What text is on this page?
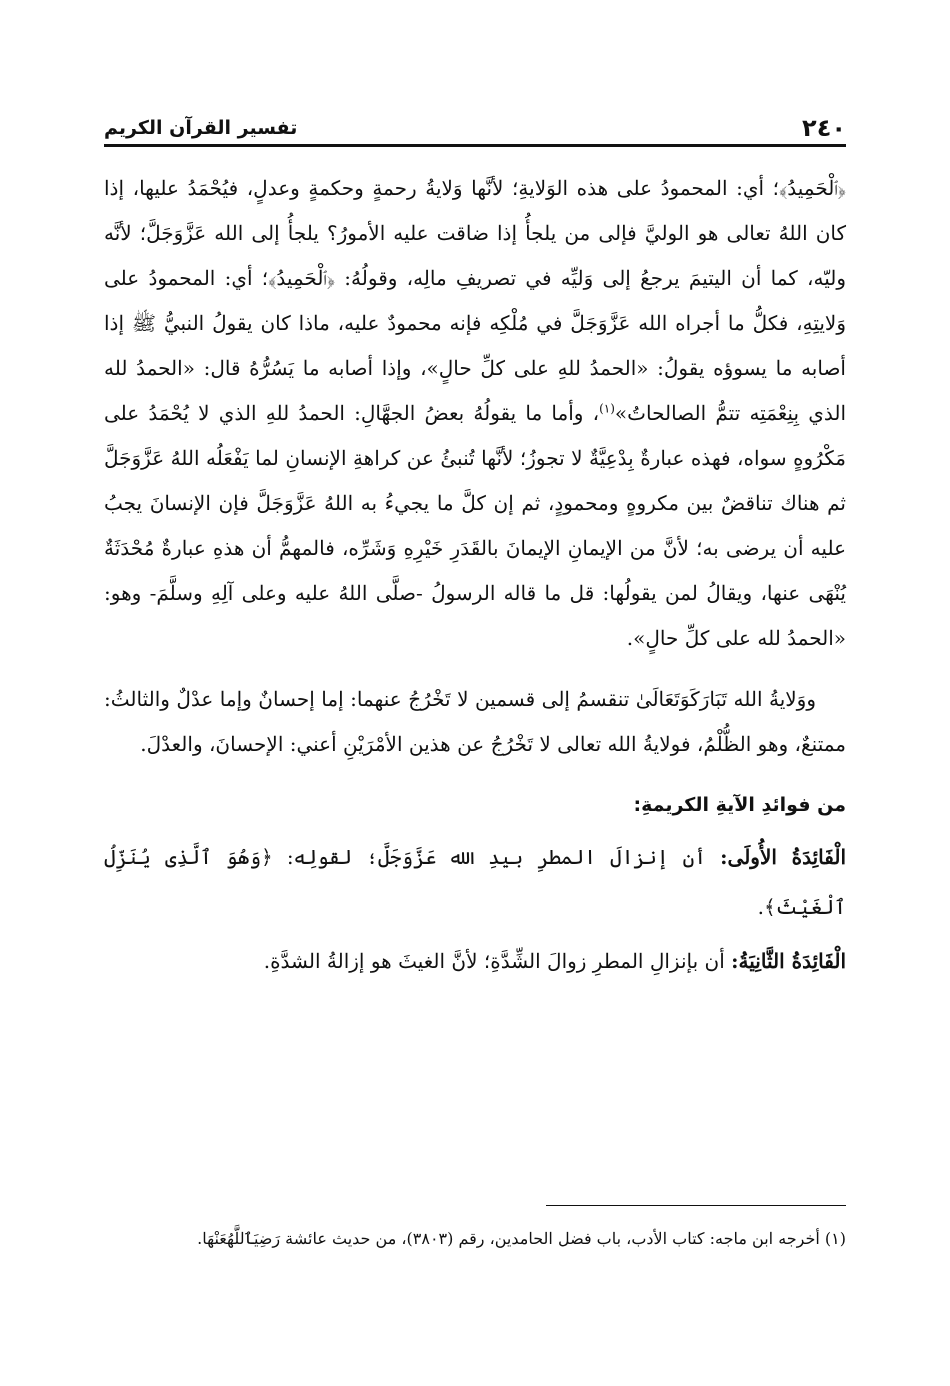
٢٤٠
تفسير القرآن الكريم

﴿ٱلْحَمِيدُ﴾؛ أي: المحمودُ على هذه الوَلايةِ؛ لأنَّها وَلايةُ رحمةٍ وحكمةٍ وعدلٍ، فيُحْمَدُ عليها، إذا كان اللهُ تعالى هو الوليَّ فإلى من يلجأُ إذا ضاقت عليه الأمورُ؟ يلجأُ إلى الله عَزَّوَجَلَّ؛ لأنَّه وليّه، كما أن اليتيمَ يرجعُ إلى وَليِّه في تصريفِ مالِه، وقولُهُ: ﴿ٱلْحَمِيدُ﴾؛ أي: المحمودُ على وَلايتِهِ، فكلُّ ما أجراه الله عَزَّوَجَلَّ في مُلْكِه فإنه محمودٌ عليه، ماذا كان يقولُ النبيُّ ﷺ إذا أصابه ما يسوؤه يقولُ: «الحمدُ للهِ على كلِّ حالٍ»، وإذا أصابه ما يَسُرُّهُ قال: «الحمدُ لله الذي بِنِعْمَتِه تتمُّ الصالحاتُ»$^{(١)}$، وأما ما يقولُهُ بعضُ الجهَّالِ: الحمدُ للهِ الذي لا يُحْمَدُ على مَكْرُوهٍ سواه، فهذه عبارةٌ بِدْعِيَّةٌ لا تجوزُ؛ لأنَّها تُنبئُ عن كراهةِ الإنسانِ لما يَفْعَلُه اللهُ عَزَّوَجَلَّ ثم هناك تناقضٌ بين مكروهٍ ومحمودٍ، ثم إن كلَّ ما يجيءُ به اللهُ عَزَّوَجَلَّ فإن الإنسانَ يجبُ عليه أن يرضى به؛ لأنَّ من الإيمانِ الإيمانَ بالقَدَرِ خَيْرِهِ وَشَرِّه، فالمهمُّ أن هذهِ عبارةٌ مُحْدَثَةٌ يُنْهَى عنها، ويقالُ لمن يقولُها: قل ما قاله الرسولُ -صلَّى اللهُ عليه وعلى آلِهِ وسلَّمَ- وهو: «الحمدُ لله على كلِّ حالٍ».

ووَلايةُ الله تَبَارَكَوَتَعَالَىٰ تنقسمُ إلى قسمين لا تَخْرُجُ عنهما: إما إحسانٌ وإما عدْلٌ والثالثُ: ممتنعٌ، وهو الظُّلْمُ، فولايةُ الله تعالى لا تَخْرُجُ عن هذين الأمْرَيْنِ أعني: الإحسانَ، والعدْلَ.

من فوائدِ الآيةِ الكريمةِ:

الْفَائِدَةُ الأُولَى: أن إنزالَ المطرِ بيدِ الله عَزَّوَجَلَّ؛ لقولِه: ﴿وَهُوَ ٱلَّذِى يُنَزِّلُ ٱلْغَيْثَ﴾.

الْفَائِدَةُ الثَّانِيَةُ: أن بإنزالِ المطرِ زوالَ الشِّدَّةِ؛ لأنَّ الغيثَ هو إزالةُ الشدَّةِ.

(١) أخرجه ابن ماجه: كتاب الأدب، باب فضل الحامدين، رقم (٣٨٠٣)، من حديث عائشة رَضِيَٱللَّهُعَنْهَا.
